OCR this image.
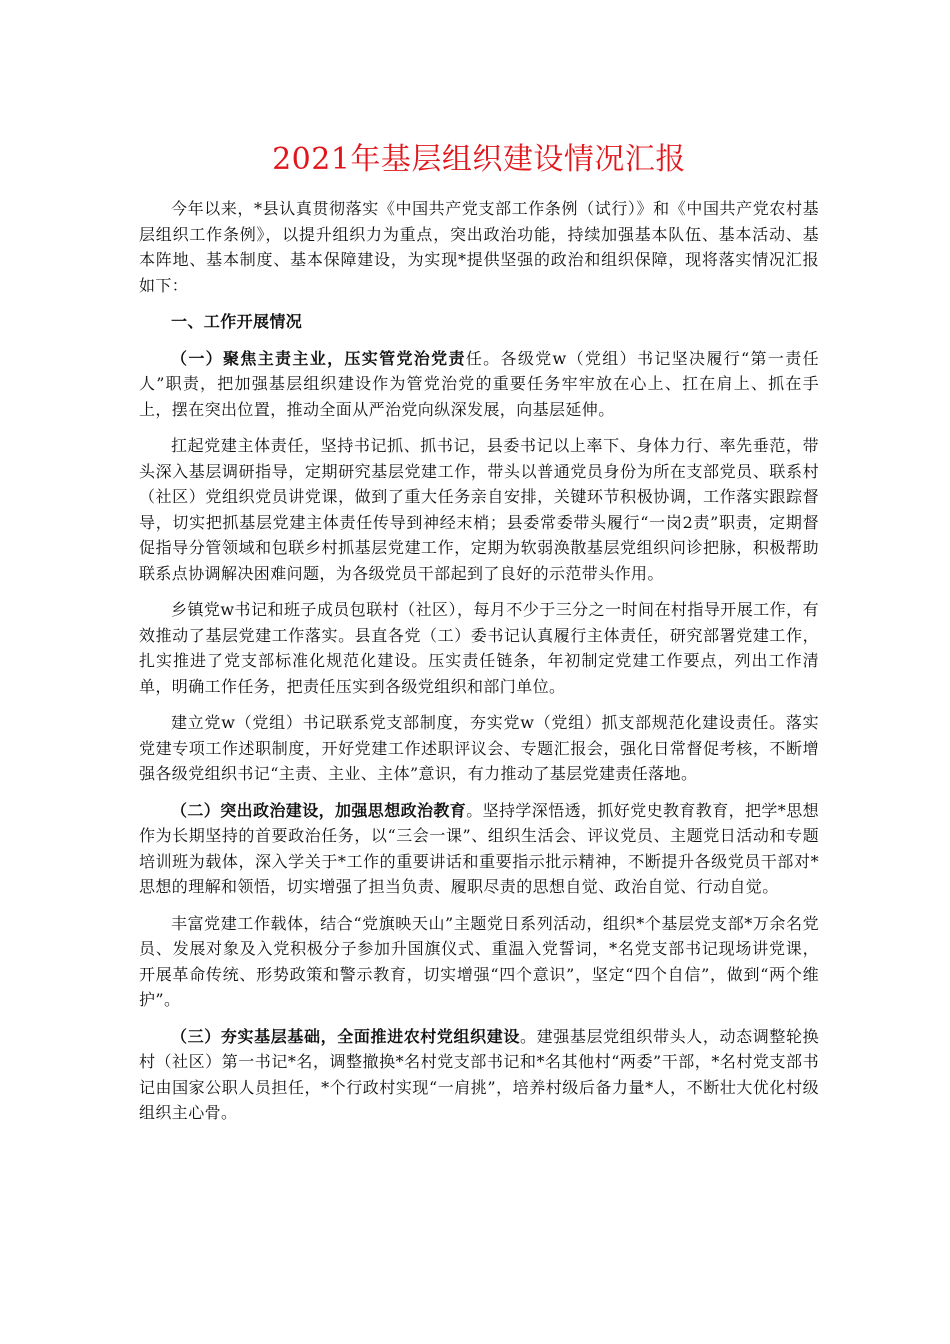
2021年基层组织建设情况汇报

今年以来，*县认真贯彻落实《中国共产党支部工作条例（试行）》和《中国共产党农村基层组织工作条例》，以提升组织力为重点，突出政治功能，持续加强基本队伍、基本活动、基本阵地、基本制度、基本保障建设，为实现*提供坚强的政治和组织保障，现将落实情况汇报如下：

一、工作开展情况

（一）聚焦主责主业，压实管党治党责任。各级党w（党组）书记坚决履行“第一责任人”职责，把加强基层组织建设作为管党治党的重要任务牢牢放在心上、扛在肩上、抓在手上，摆在突出位置，推动全面从严治党向纵深发展，向基层延伸。

扛起党建主体责任，坚持书记抓、抓书记，县委书记以上率下、身体力行、率先垂范，带头深入基层调研指导，定期研究基层党建工作，带头以普通党员身份为所在支部党员、联系村（社区）党组织党员讲党课，做到了重大任务亲自安排，关键环节积极协调，工作落实跟踪督导，切实把抓基层党建主体责任传导到神经末梢；县委常委带头履行“一岗2责”职责，定期督促指导分管领域和包联乡村抓基层党建工作，定期为软弱涣散基层党组织问诊把脉，积极帮助联系点协调解决困难问题，为各级党员干部起到了良好的示范带头作用。

乡镇党w书记和班子成员包联村（社区），每月不少于三分之一时间在村指导开展工作，有效推动了基层党建工作落实。县直各党（工）委书记认真履行主体责任，研究部署党建工作，扎实推进了党支部标准化规范化建设。压实责任链条，年初制定党建工作要点，列出工作清单，明确工作任务，把责任压实到各级党组织和部门单位。

建立党w（党组）书记联系党支部制度，夯实党w（党组）抓支部规范化建设责任。落实党建专项工作述职制度，开好党建工作述职评议会、专题汇报会，强化日常督促考核，不断增强各级党组织书记“主责、主业、主体”意识，有力推动了基层党建责任落地。

（二）突出政治建设，加强思想政治教育。坚持学深悟透，抓好党史教育教育，把学*思想作为长期坚持的首要政治任务，以“三会一课”、组织生活会、评议党员、主题党日活动和专题培训班为载体，深入学关于*工作的重要讲话和重要指示批示精神，不断提升各级党员干部对*思想的理解和领悟，切实增强了担当负责、履职尽责的思想自觉、政治自觉、行动自觉。

丰富党建工作载体，结合“党旗映天山”主题党日系列活动，组织*个基层党支部*万余名党员、发展对象及入党积极分子参加升国旗仪式、重温入党誓词，*名党支部书记现场讲党课，开展革命传统、形势政策和警示教育，切实增强“四个意识”，坚定“四个自信”，做到“两个维护”。

（三）夯实基层基础，全面推进农村党组织建设。建强基层党组织带头人，动态调整轮换村（社区）第一书记*名，调整撤换*名村党支部书记和*名其他村“两委”干部，*名村党支部书记由国家公职人员担任，*个行政村实现“一肩挑”，培养村级后备力量*人，不断壮大优化村级组织主心骨。
